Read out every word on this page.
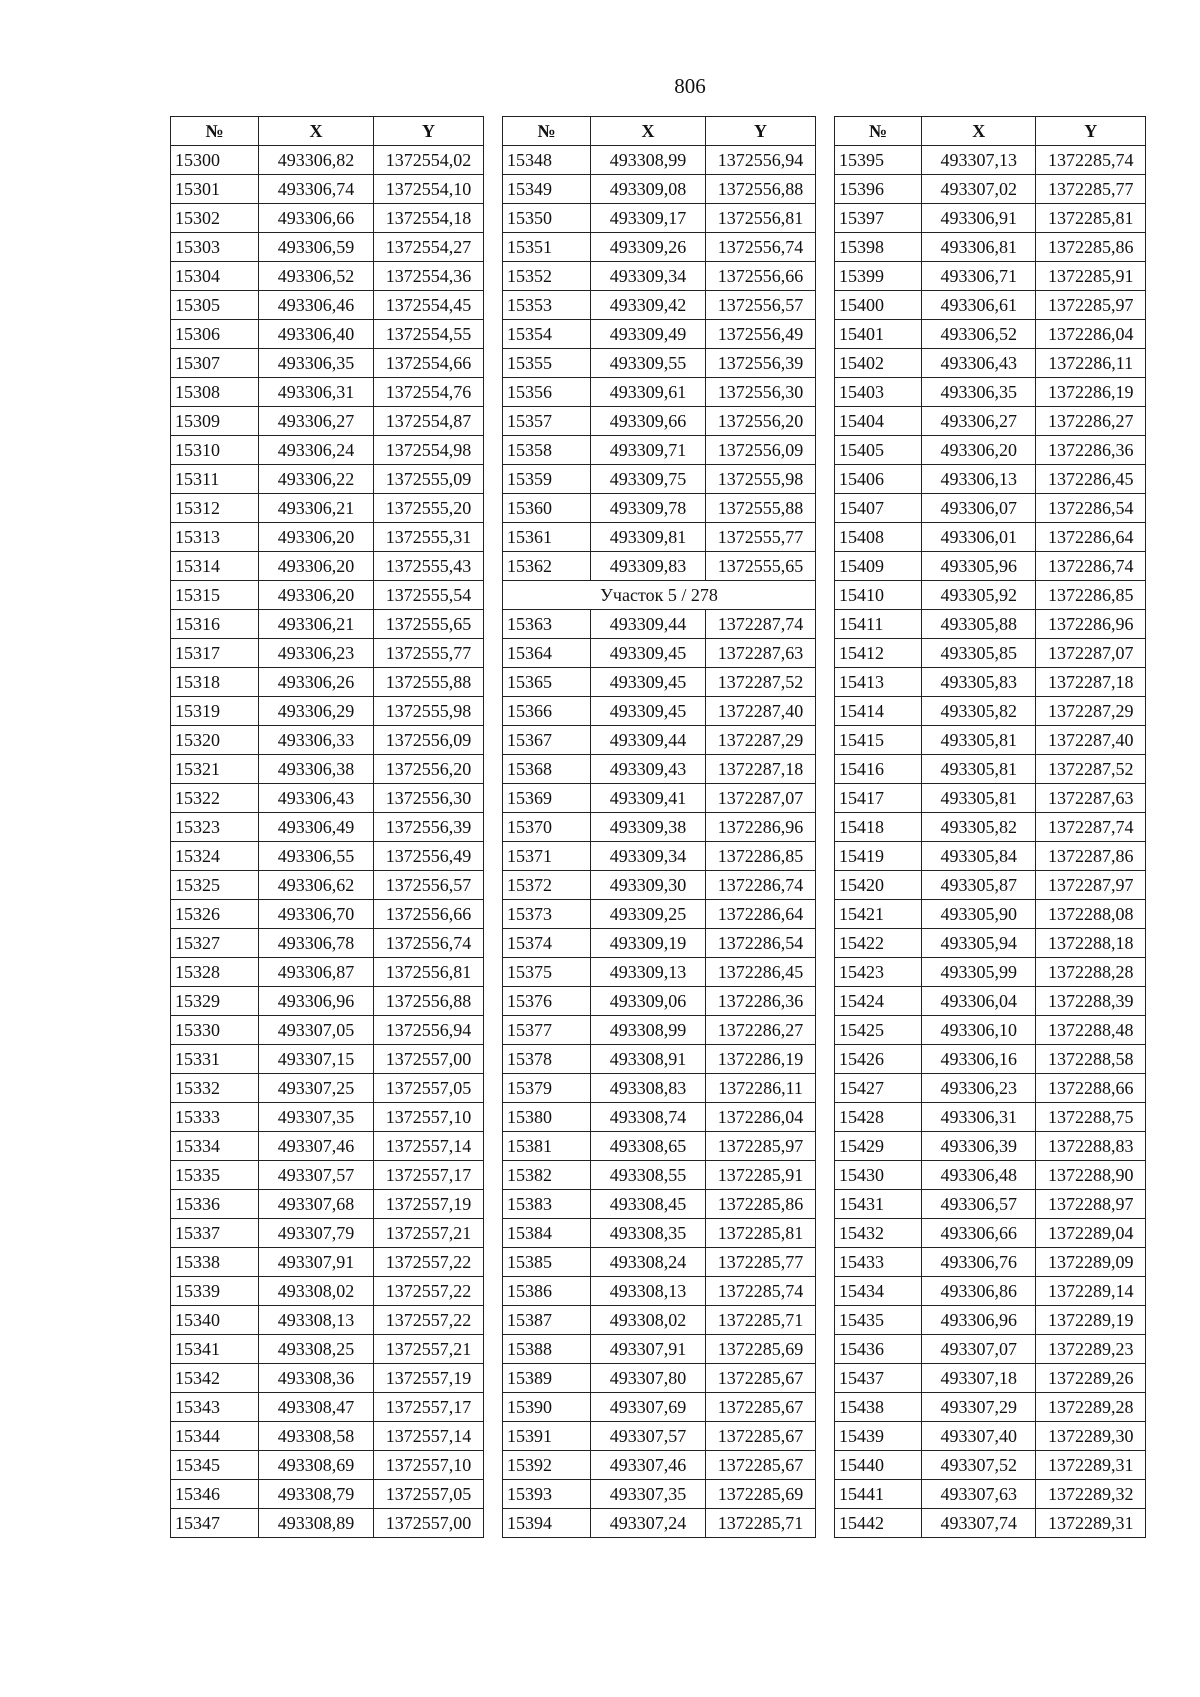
806
№	X	Y
15300	493306,82	1372554,02
15301	493306,74	1372554,10
15302	493306,66	1372554,18
15303	493306,59	1372554,27
15304	493306,52	1372554,36
15305	493306,46	1372554,45
15306	493306,40	1372554,55
15307	493306,35	1372554,66
15308	493306,31	1372554,76
15309	493306,27	1372554,87
15310	493306,24	1372554,98
15311	493306,22	1372555,09
15312	493306,21	1372555,20
15313	493306,20	1372555,31
15314	493306,20	1372555,43
15315	493306,20	1372555,54
15316	493306,21	1372555,65
15317	493306,23	1372555,77
15318	493306,26	1372555,88
15319	493306,29	1372555,98
15320	493306,33	1372556,09
15321	493306,38	1372556,20
15322	493306,43	1372556,30
15323	493306,49	1372556,39
15324	493306,55	1372556,49
15325	493306,62	1372556,57
15326	493306,70	1372556,66
15327	493306,78	1372556,74
15328	493306,87	1372556,81
15329	493306,96	1372556,88
15330	493307,05	1372556,94
15331	493307,15	1372557,00
15332	493307,25	1372557,05
15333	493307,35	1372557,10
15334	493307,46	1372557,14
15335	493307,57	1372557,17
15336	493307,68	1372557,19
15337	493307,79	1372557,21
15338	493307,91	1372557,22
15339	493308,02	1372557,22
15340	493308,13	1372557,22
15341	493308,25	1372557,21
15342	493308,36	1372557,19
15343	493308,47	1372557,17
15344	493308,58	1372557,14
15345	493308,69	1372557,10
15346	493308,79	1372557,05
15347	493308,89	1372557,00
№	X	Y
15348	493308,99	1372556,94
15349	493309,08	1372556,88
15350	493309,17	1372556,81
15351	493309,26	1372556,74
15352	493309,34	1372556,66
15353	493309,42	1372556,57
15354	493309,49	1372556,49
15355	493309,55	1372556,39
15356	493309,61	1372556,30
15357	493309,66	1372556,20
15358	493309,71	1372556,09
15359	493309,75	1372555,98
15360	493309,78	1372555,88
15361	493309,81	1372555,77
15362	493309,83	1372555,65
Участок 5 / 278		
15363	493309,44	1372287,74
15364	493309,45	1372287,63
15365	493309,45	1372287,52
15366	493309,45	1372287,40
15367	493309,44	1372287,29
15368	493309,43	1372287,18
15369	493309,41	1372287,07
15370	493309,38	1372286,96
15371	493309,34	1372286,85
15372	493309,30	1372286,74
15373	493309,25	1372286,64
15374	493309,19	1372286,54
15375	493309,13	1372286,45
15376	493309,06	1372286,36
15377	493308,99	1372286,27
15378	493308,91	1372286,19
15379	493308,83	1372286,11
15380	493308,74	1372286,04
15381	493308,65	1372285,97
15382	493308,55	1372285,91
15383	493308,45	1372285,86
15384	493308,35	1372285,81
15385	493308,24	1372285,77
15386	493308,13	1372285,74
15387	493308,02	1372285,71
15388	493307,91	1372285,69
15389	493307,80	1372285,67
15390	493307,69	1372285,67
15391	493307,57	1372285,67
15392	493307,46	1372285,67
15393	493307,35	1372285,69
15394	493307,24	1372285,71
№	X	Y
15395	493307,13	1372285,74
15396	493307,02	1372285,77
15397	493306,91	1372285,81
15398	493306,81	1372285,86
15399	493306,71	1372285,91
15400	493306,61	1372285,97
15401	493306,52	1372286,04
15402	493306,43	1372286,11
15403	493306,35	1372286,19
15404	493306,27	1372286,27
15405	493306,20	1372286,36
15406	493306,13	1372286,45
15407	493306,07	1372286,54
15408	493306,01	1372286,64
15409	493305,96	1372286,74
15410	493305,92	1372286,85
15411	493305,88	1372286,96
15412	493305,85	1372287,07
15413	493305,83	1372287,18
15414	493305,82	1372287,29
15415	493305,81	1372287,40
15416	493305,81	1372287,52
15417	493305,81	1372287,63
15418	493305,82	1372287,74
15419	493305,84	1372287,86
15420	493305,87	1372287,97
15421	493305,90	1372288,08
15422	493305,94	1372288,18
15423	493305,99	1372288,28
15424	493306,04	1372288,39
15425	493306,10	1372288,48
15426	493306,16	1372288,58
15427	493306,23	1372288,66
15428	493306,31	1372288,75
15429	493306,39	1372288,83
15430	493306,48	1372288,90
15431	493306,57	1372288,97
15432	493306,66	1372289,04
15433	493306,76	1372289,09
15434	493306,86	1372289,14
15435	493306,96	1372289,19
15436	493307,07	1372289,23
15437	493307,18	1372289,26
15438	493307,29	1372289,28
15439	493307,40	1372289,30
15440	493307,52	1372289,31
15441	493307,63	1372289,32
15442	493307,74	1372289,31
